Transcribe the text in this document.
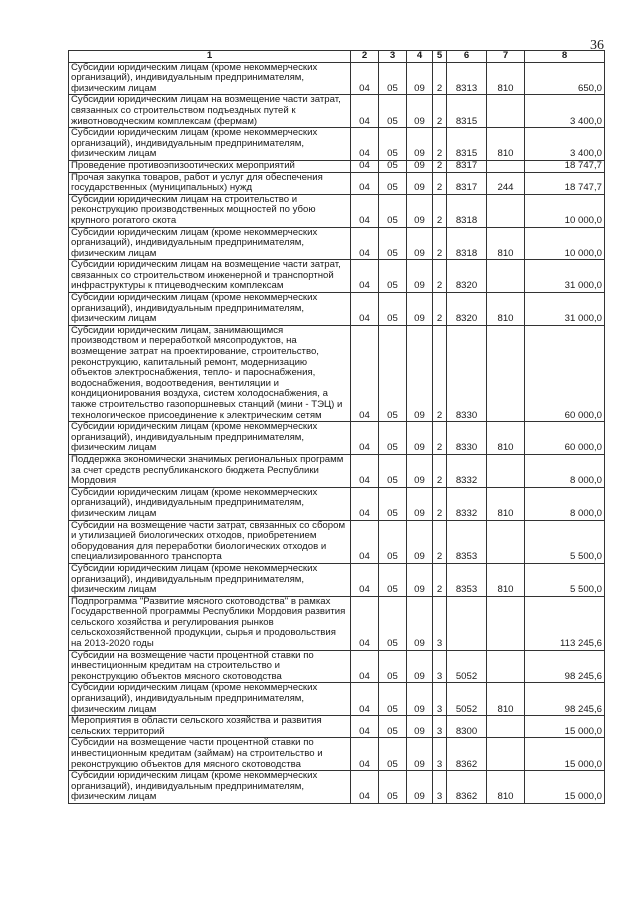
36
1	2	3	4	5	6	7	8
Субсидии юридическим лицам (кроме некоммерческих организаций), индивидуальным предпринимателям, физическим лицам	04	05	09	2	8313	810	650,0
Субсидии юридическим лицам на возмещение части затрат, связанных со строительством подъездных путей к животноводческим комплексам (фермам)	04	05	09	2	8315		3 400,0
Субсидии юридическим лицам (кроме некоммерческих организаций), индивидуальным предпринимателям, физическим лицам	04	05	09	2	8315	810	3 400,0
Проведение противоэпизоотических мероприятий	04	05	09	2	8317		18 747,7
Прочая закупка товаров, работ и услуг для обеспечения государственных (муниципальных) нужд	04	05	09	2	8317	244	18 747,7
Субсидии юридическим лицам на строительство и реконструкцию производственных мощностей по убою крупного рогатого скота	04	05	09	2	8318		10 000,0
Субсидии юридическим лицам (кроме некоммерческих организаций), индивидуальным предпринимателям, физическим лицам	04	05	09	2	8318	810	10 000,0
Субсидии юридическим лицам на возмещение части затрат, связанных со строительством инженерной и транспортной инфраструктуры к птицеводческим комплексам	04	05	09	2	8320		31 000,0
Субсидии юридическим лицам (кроме некоммерческих организаций), индивидуальным предпринимателям, физическим лицам	04	05	09	2	8320	810	31 000,0
Субсидии юридическим лицам, занимающимся производством и переработкой мясопродуктов, на возмещение затрат на проектирование, строительство, реконструкцию, капитальный ремонт, модернизацию объектов электроснабжения, тепло- и пароснабжения, водоснабжения, водоотведения, вентиляции и кондиционирования воздуха, систем холодоснабжения, а также строительство газопоршневых станций (мини - ТЭЦ) и технологическое присоединение к электрическим сетям	04	05	09	2	8330		60 000,0
Субсидии юридическим лицам (кроме некоммерческих организаций), индивидуальным предпринимателям, физическим лицам	04	05	09	2	8330	810	60 000,0
Поддержка экономически значимых региональных программ за счет средств республиканского бюджета Республики Мордовия	04	05	09	2	8332		8 000,0
Субсидии юридическим лицам (кроме некоммерческих организаций), индивидуальным предпринимателям, физическим лицам	04	05	09	2	8332	810	8 000,0
Субсидии на возмещение части затрат, связанных со сбором и утилизацией биологических отходов, приобретением оборудования для переработки биологических отходов и специализированного транспорта	04	05	09	2	8353		5 500,0
Субсидии юридическим лицам (кроме некоммерческих организаций), индивидуальным предпринимателям, физическим лицам	04	05	09	2	8353	810	5 500,0
Подпрограмма "Развитие мясного скотоводства" в рамках Государственной программы Республики Мордовия развития сельского хозяйства и регулирования рынков сельскохозяйственной продукции, сырья и продовольствия на 2013-2020 годы	04	05	09	3			113 245,6
Субсидии на возмещение части процентной ставки по инвестиционным кредитам на строительство и реконструкцию объектов мясного скотоводства	04	05	09	3	5052		98 245,6
Субсидии юридическим лицам (кроме некоммерческих организаций), индивидуальным предпринимателям, физическим лицам	04	05	09	3	5052	810	98 245,6
Мероприятия в области сельского хозяйства и развития сельских территорий	04	05	09	3	8300		15 000,0
Субсидии на возмещение части процентной ставки по инвестиционным кредитам (займам) на строительство и реконструкцию объектов для мясного скотоводства	04	05	09	3	8362		15 000,0
Субсидии юридическим лицам (кроме некоммерческих организаций), индивидуальным предпринимателям, физическим лицам	04	05	09	3	8362	810	15 000,0
